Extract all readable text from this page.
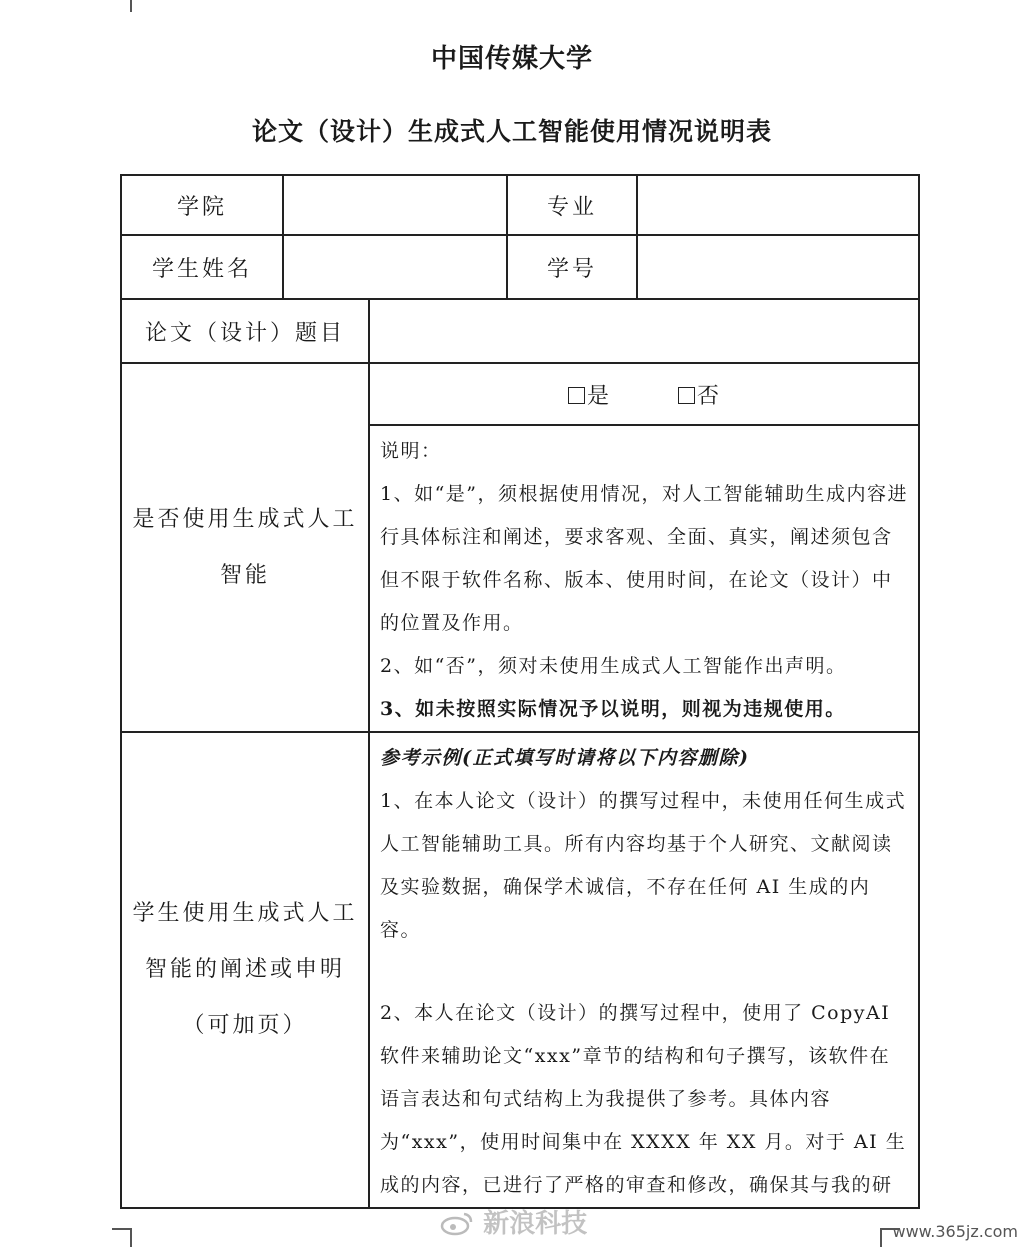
中国传媒大学
论文（设计）生成式人工智能使用情况说明表
学院			专业	
学生姓名			学号	
论文（设计）题目				
是否使用生成式人工智能		是 否		

		说明：

1、如“是”，须根据使用情况，对人工智能辅助生成内容进行具体标注和阐述，要求客观、全面、真实，阐述须包含但不限于软件名称、版本、使用时间，在论文（设计）中的位置及作用。

2、如“否”，须对未使用生成式人工智能作出声明。

3、如未按照实际情况予以说明，则视为违规使用。		

学生使用生成式人工智能的阐述或申明（可加页）		参考示例(正式填写时请将以下内容删除)

1、在本人论文（设计）的撰写过程中，未使用任何生成式人工智能辅助工具。所有内容均基于个人研究、文献阅读及实验数据，确保学术诚信，不存在任何 AI 生成的内容。

2、本人在论文（设计）的撰写过程中，使用了 CopyAI 软件来辅助论文“xxx”章节的结构和句子撰写，该软件在语言表达和句式结构上为我提供了参考。具体内容为“xxx”，使用时间集中在 XXXX 年 XX 月。对于 AI 生成的内容，已进行了严格的审查和修改，确保其与我的研		

新浪科技	www.365jz.com
